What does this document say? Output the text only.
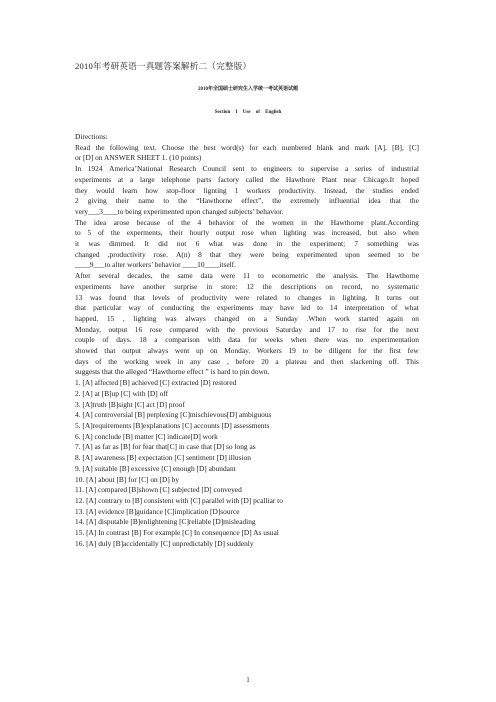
2010年考研英语一真题答案解析二（完整版）
2010年全国硕士研究生入学统一考试英语试题
Section I Use of English
Directions:
Read the following text. Choose the best word(s) for each numbered blank and mark [A], [B], [C]
or [D] on ANSWER SHEET 1. (10 points)
In 1924 America’National Research Council sent to engineers to supervise a series of industrial
experiments at a large telephone parts factory called the Hawthore Plant near Chicago.It hoped
they would learn how stop-floor lignting 1 workers productivity. Instead, the studies ended
2 giving their name to the “Hawthorne effect”, the extremely influential idea that the
very___3____to being experimented upon changed subjects’ behavior.
The idea arose because of the 4 behavior of the women in the Hawthorne plant.According
to 5 of the experments, their hourly output rose when lighting was increased, but also when
it was dimmed. It did not 6 what was done in the experiment; 7 something was
changed ,productivity rose. A(n) 8 that they were being experimented upon seemed to be
____9___to alter workers’ behavior ____10____itself.
After several decades, the same data were 11 to econometric the analysis. The Hawthorne
experiments have another surprise in store: 12 the descriptions on record, no systematic
13 was found that levels of productivity were related to changes in lighting. It turns out
that particular way of conducting the experiments may have led to 14 interpretation of what
happed. 15 , lighting was always changed on a Sunday .When work started again on
Monday, output 16 rose compared with the previous Saturday and 17 to rise for the next
couple of days. 18 a comparison with data for weeks when there was no experimentation
showed that output always went up on Monday. Workers 19 to be diligent for the first few
days of the working week in any case , before 20 a plateau and then slackening off. This
suggests that the alleged “Hawthorne effect ” is hard to pin down.
1. [A] affected [B] achieved [C] extracted [D] restored
2. [A] at [B]up [C] with [D] off
3. [A]truth [B]sight [C] act [D] proof
4. [A] controversial [B] perplexing [C]mischievous[D] ambiguous
5. [A]requirements [B]explanations [C] accounts [D] assessments
6. [A] conclude [B] matter [C] indicate[D] work
7. [A] as far as [B] for fear that[C] in case that [D] so long as
8. [A] awareness [B] expectation [C] sentiment [D] illusion
9. [A] suitable [B] excessive [C] enough [D] abundant
10. [A] about [B] for [C] on [D] by
11. [A] compared [B]shown [C] subjected [D] conveyed
12. [A] contrary to [B] consistent with [C] parallel with [D] pcalliar to
13. [A] evidence [B]guidance [C]implication [D]source
14. [A] disputable [B]enlightening [C]reliable [D]misleading
15. [A] In contrast [B] For example [C] In consequence [D] As usual
16. [A] duly [B]accidentally [C] unpredictably [D] suddenly
1
